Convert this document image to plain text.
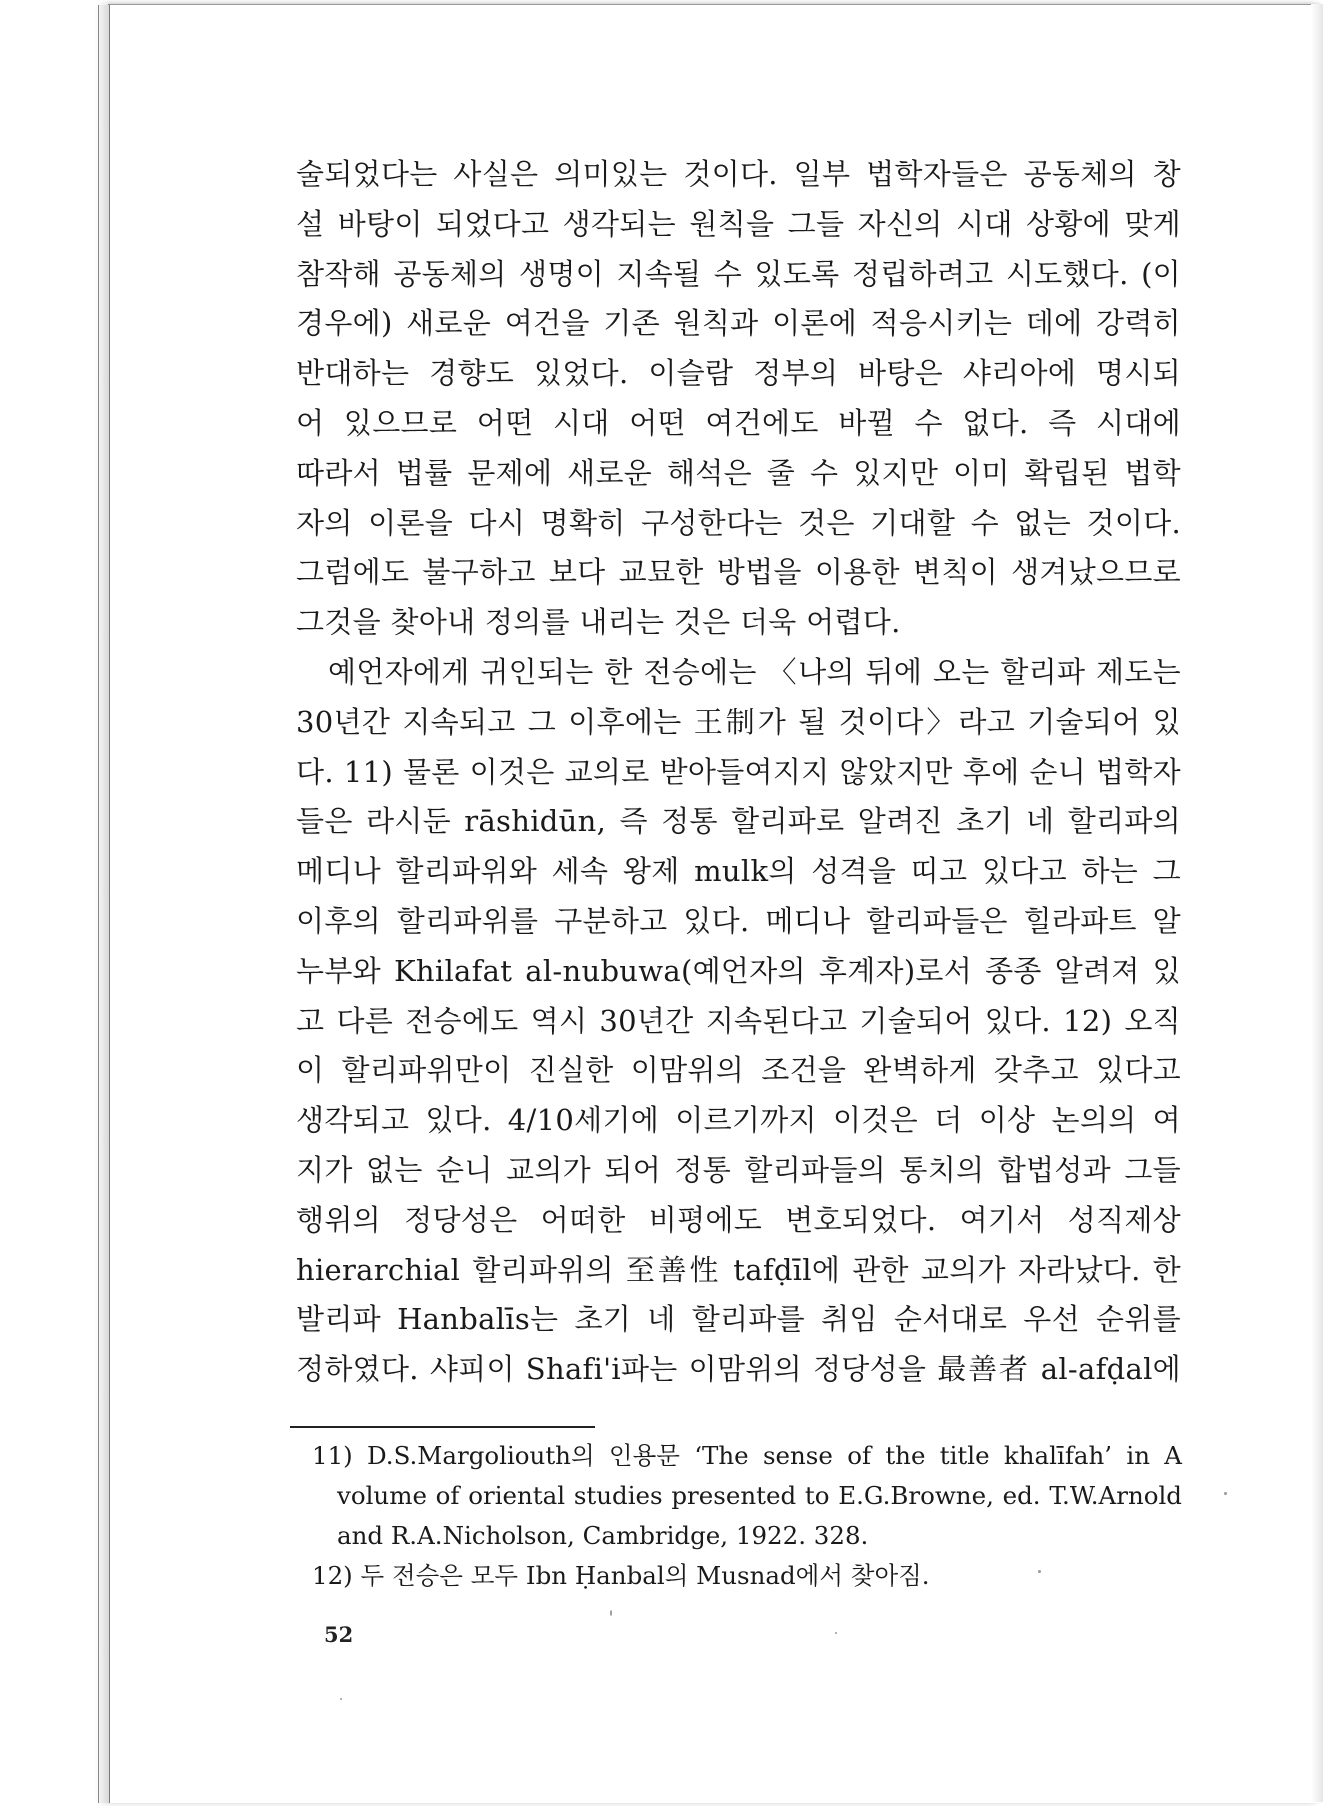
술되었다는 사실은 의미있는 것이다. 일부 법학자들은 공동체의 창
설 바탕이 되었다고 생각되는 원칙을 그들 자신의 시대 상황에 맞게
참작해 공동체의 생명이 지속될 수 있도록 정립하려고 시도했다. (이
경우에) 새로운 여건을 기존 원칙과 이론에 적응시키는 데에 강력히
반대하는 경향도 있었다. 이슬람 정부의 바탕은 샤리아에 명시되
어 있으므로 어떤 시대 어떤 여건에도 바뀔 수 없다. 즉 시대에
따라서 법률 문제에 새로운 해석은 줄 수 있지만 이미 확립된 법학
자의 이론을 다시 명확히 구성한다는 것은 기대할 수 없는 것이다.
그럼에도 불구하고 보다 교묘한 방법을 이용한 변칙이 생겨났으므로
그것을 찾아내 정의를 내리는 것은 더욱 어렵다.
예언자에게 귀인되는 한 전승에는 〈나의 뒤에 오는 할리파 제도는
30년간 지속되고 그 이후에는 王制가 될 것이다〉라고 기술되어 있
다. 11) 물론 이것은 교의로 받아들여지지 않았지만 후에 순니 법학자
들은 라시둔 rāshidūn, 즉 정통 할리파로 알려진 초기 네 할리파의
메디나 할리파위와 세속 왕제 mulk의 성격을 띠고 있다고 하는 그
이후의 할리파위를 구분하고 있다. 메디나 할리파들은 힐라파트 알
누부와 Khilafat al-nubuwa(예언자의 후계자)로서 종종 알려져 있
고 다른 전승에도 역시 30년간 지속된다고 기술되어 있다. 12) 오직
이 할리파위만이 진실한 이맘위의 조건을 완벽하게 갖추고 있다고
생각되고 있다. 4/10세기에 이르기까지 이것은 더 이상 논의의 여
지가 없는 순니 교의가 되어 정통 할리파들의 통치의 합법성과 그들
행위의 정당성은 어떠한 비평에도 변호되었다. 여기서 성직제상
hierarchial 할리파위의 至善性 tafḍīl에 관한 교의가 자라났다. 한
발리파 Hanbalīs는 초기 네 할리파를 취임 순서대로 우선 순위를
정하였다. 샤피이 Shafi'i파는 이맘위의 정당성을 最善者 al-afḍal에
11) D.S.Margoliouth의 인용문 ‘The sense of the title khalīfah’ in A
volume of oriental studies presented to E.G.Browne, ed. T.W.Arnold
and R.A.Nicholson, Cambridge, 1922. 328.
12) 두 전승은 모두 Ibn Ḥanbal의 Musnad에서 찾아짐.
52
